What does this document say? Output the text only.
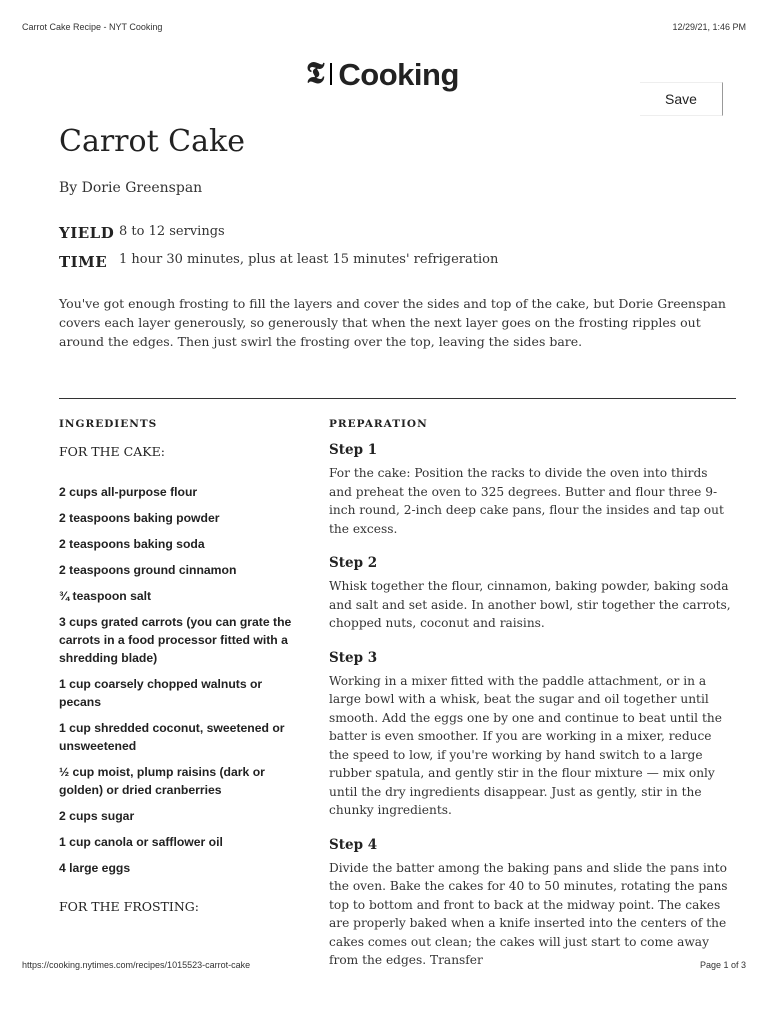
Carrot Cake Recipe - NYT Cooking	12/29/21, 1:46 PM
𝕿 Cooking
Save
Carrot Cake
By Dorie Greenspan
YIELD 8 to 12 servings
TIME 1 hour 30 minutes, plus at least 15 minutes' refrigeration
You've got enough frosting to fill the layers and cover the sides and top of the cake, but Dorie Greenspan covers each layer generously, so generously that when the next layer goes on the frosting ripples out around the edges. Then just swirl the frosting over the top, leaving the sides bare.
INGREDIENTS	PREPARATION
FOR THE CAKE:
2 cups all-purpose flour
2 teaspoons baking powder
2 teaspoons baking soda
2 teaspoons ground cinnamon
¾ teaspoon salt
3 cups grated carrots (you can grate the carrots in a food processor fitted with a shredding blade)
1 cup coarsely chopped walnuts or pecans
1 cup shredded coconut, sweetened or unsweetened
½ cup moist, plump raisins (dark or golden) or dried cranberries
2 cups sugar
1 cup canola or safflower oil
4 large eggs
FOR THE FROSTING:
Step 1

For the cake: Position the racks to divide the oven into thirds and preheat the oven to 325 degrees. Butter and flour three 9-inch round, 2-inch deep cake pans, flour the insides and tap out the excess.

Step 2

Whisk together the flour, cinnamon, baking powder, baking soda and salt and set aside. In another bowl, stir together the carrots, chopped nuts, coconut and raisins.

Step 3

Working in a mixer fitted with the paddle attachment, or in a large bowl with a whisk, beat the sugar and oil together until smooth. Add the eggs one by one and continue to beat until the batter is even smoother. If you are working in a mixer, reduce the speed to low, if you're working by hand switch to a large rubber spatula, and gently stir in the flour mixture — mix only until the dry ingredients disappear. Just as gently, stir in the chunky ingredients.

Step 4

Divide the batter among the baking pans and slide the pans into the oven. Bake the cakes for 40 to 50 minutes, rotating the pans top to bottom and front to back at the midway point. The cakes are properly baked when a knife inserted into the centers of the cakes comes out clean; the cakes will just start to come away from the edges. Transfer

https://cooking.nytimes.com/recipes/1015523-carrot-cake	Page 1 of 3
